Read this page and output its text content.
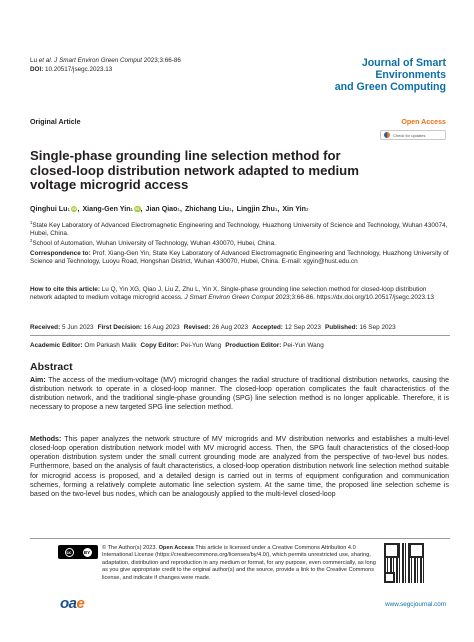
Lu et al. J Smart Environ Green Comput 2023;3:66-86
DOI: 10.20517/jsegc.2023.13
Journal of Smart
Environments
and Green Computing
Original Article	Open Access
Check for updates
Single-phase grounding line selection method for
closed-loop distribution network adapted to medium
voltage microgrid access
Qinghui Lu 1 iD , Xiang-Gen Yin 1 iD , Jian Qiao 1 , Zhichang Liu 1 , Lingjin Zhu 1 , Xin Yin 2
$^1$State Key Laboratory of Advanced Electromagnetic Engineering and Technology, Huazhong University of Science and Technology, Wuhan 430074, Hubei, China.
$^2$School of Automation, Wuhan University of Technology, Wuhan 430070, Hubei, China.
Correspondence to: Prof. Xiang-Gen Yin, State Key Laboratory of Advanced Electromagnetic Engineering and Technology, Huazhong University of Science and Technology, Luoyu Road, Hongshan District, Wuhan 430070, Hubei, China. E-mail: xgyin@hust.edu.cn
How to cite this article: Lu Q, Yin XG, Qiao J, Liu Z, Zhu L, Yin X. Single-phase grounding line selection method for closed-loop distribution network adapted to medium voltage microgrid access. J Smart Environ Green Comput 2023;3:66-86. https://dx.doi.org/10.20517/jsegc.2023.13
Received: 5 Jun 2023 First Decision: 16 Aug 2023 Revised: 26 Aug 2023 Accepted: 12 Sep 2023 Published: 16 Sep 2023
Academic Editor: Om Parkash Malik Copy Editor: Pei-Yun Wang Production Editor: Pei-Yun Wang
Abstract
Aim: The access of the medium-voltage (MV) microgrid changes the radial structure of traditional distribution networks, causing the distribution network to operate in a closed-loop manner. The closed-loop operation complicates the fault characteristics of the distribution network, and the traditional single-phase grounding (SPG) line selection method is no longer applicable. Therefore, it is necessary to propose a new targeted SPG line selection method.
Methods: This paper analyzes the network structure of MV microgrids and MV distribution networks and establishes a multi-level closed-loop operation distribution network model with MV microgrid access. Then, the SPG fault characteristics of the closed-loop operation distribution system under the small current grounding mode are analyzed from the perspective of two-level bus nodes. Furthermore, based on the analysis of fault characteristics, a closed-loop operation distribution network line selection method suitable for microgrid access is proposed, and a detailed design is carried out in terms of equipment configuration and communication schemes, forming a relatively complete automatic line selection system. At the same time, the proposed line selection scheme is based on the two-level bus nodes, which can be analogously applied to the multi-level closed-loop
cc	BY
© The Author(s) 2023. Open Access This article is licensed under a Creative Commons Attribution 4.0 International License (https://creativecommons.org/licenses/by/4.0/), which permits unrestricted use, sharing, adaptation, distribution and reproduction in any medium or format, for any purpose, even commercially, as long as you give appropriate credit to the original author(s) and the source, provide a link to the Creative Commons license, and indicate if changes were made.
oae	www.segcjournal.com
